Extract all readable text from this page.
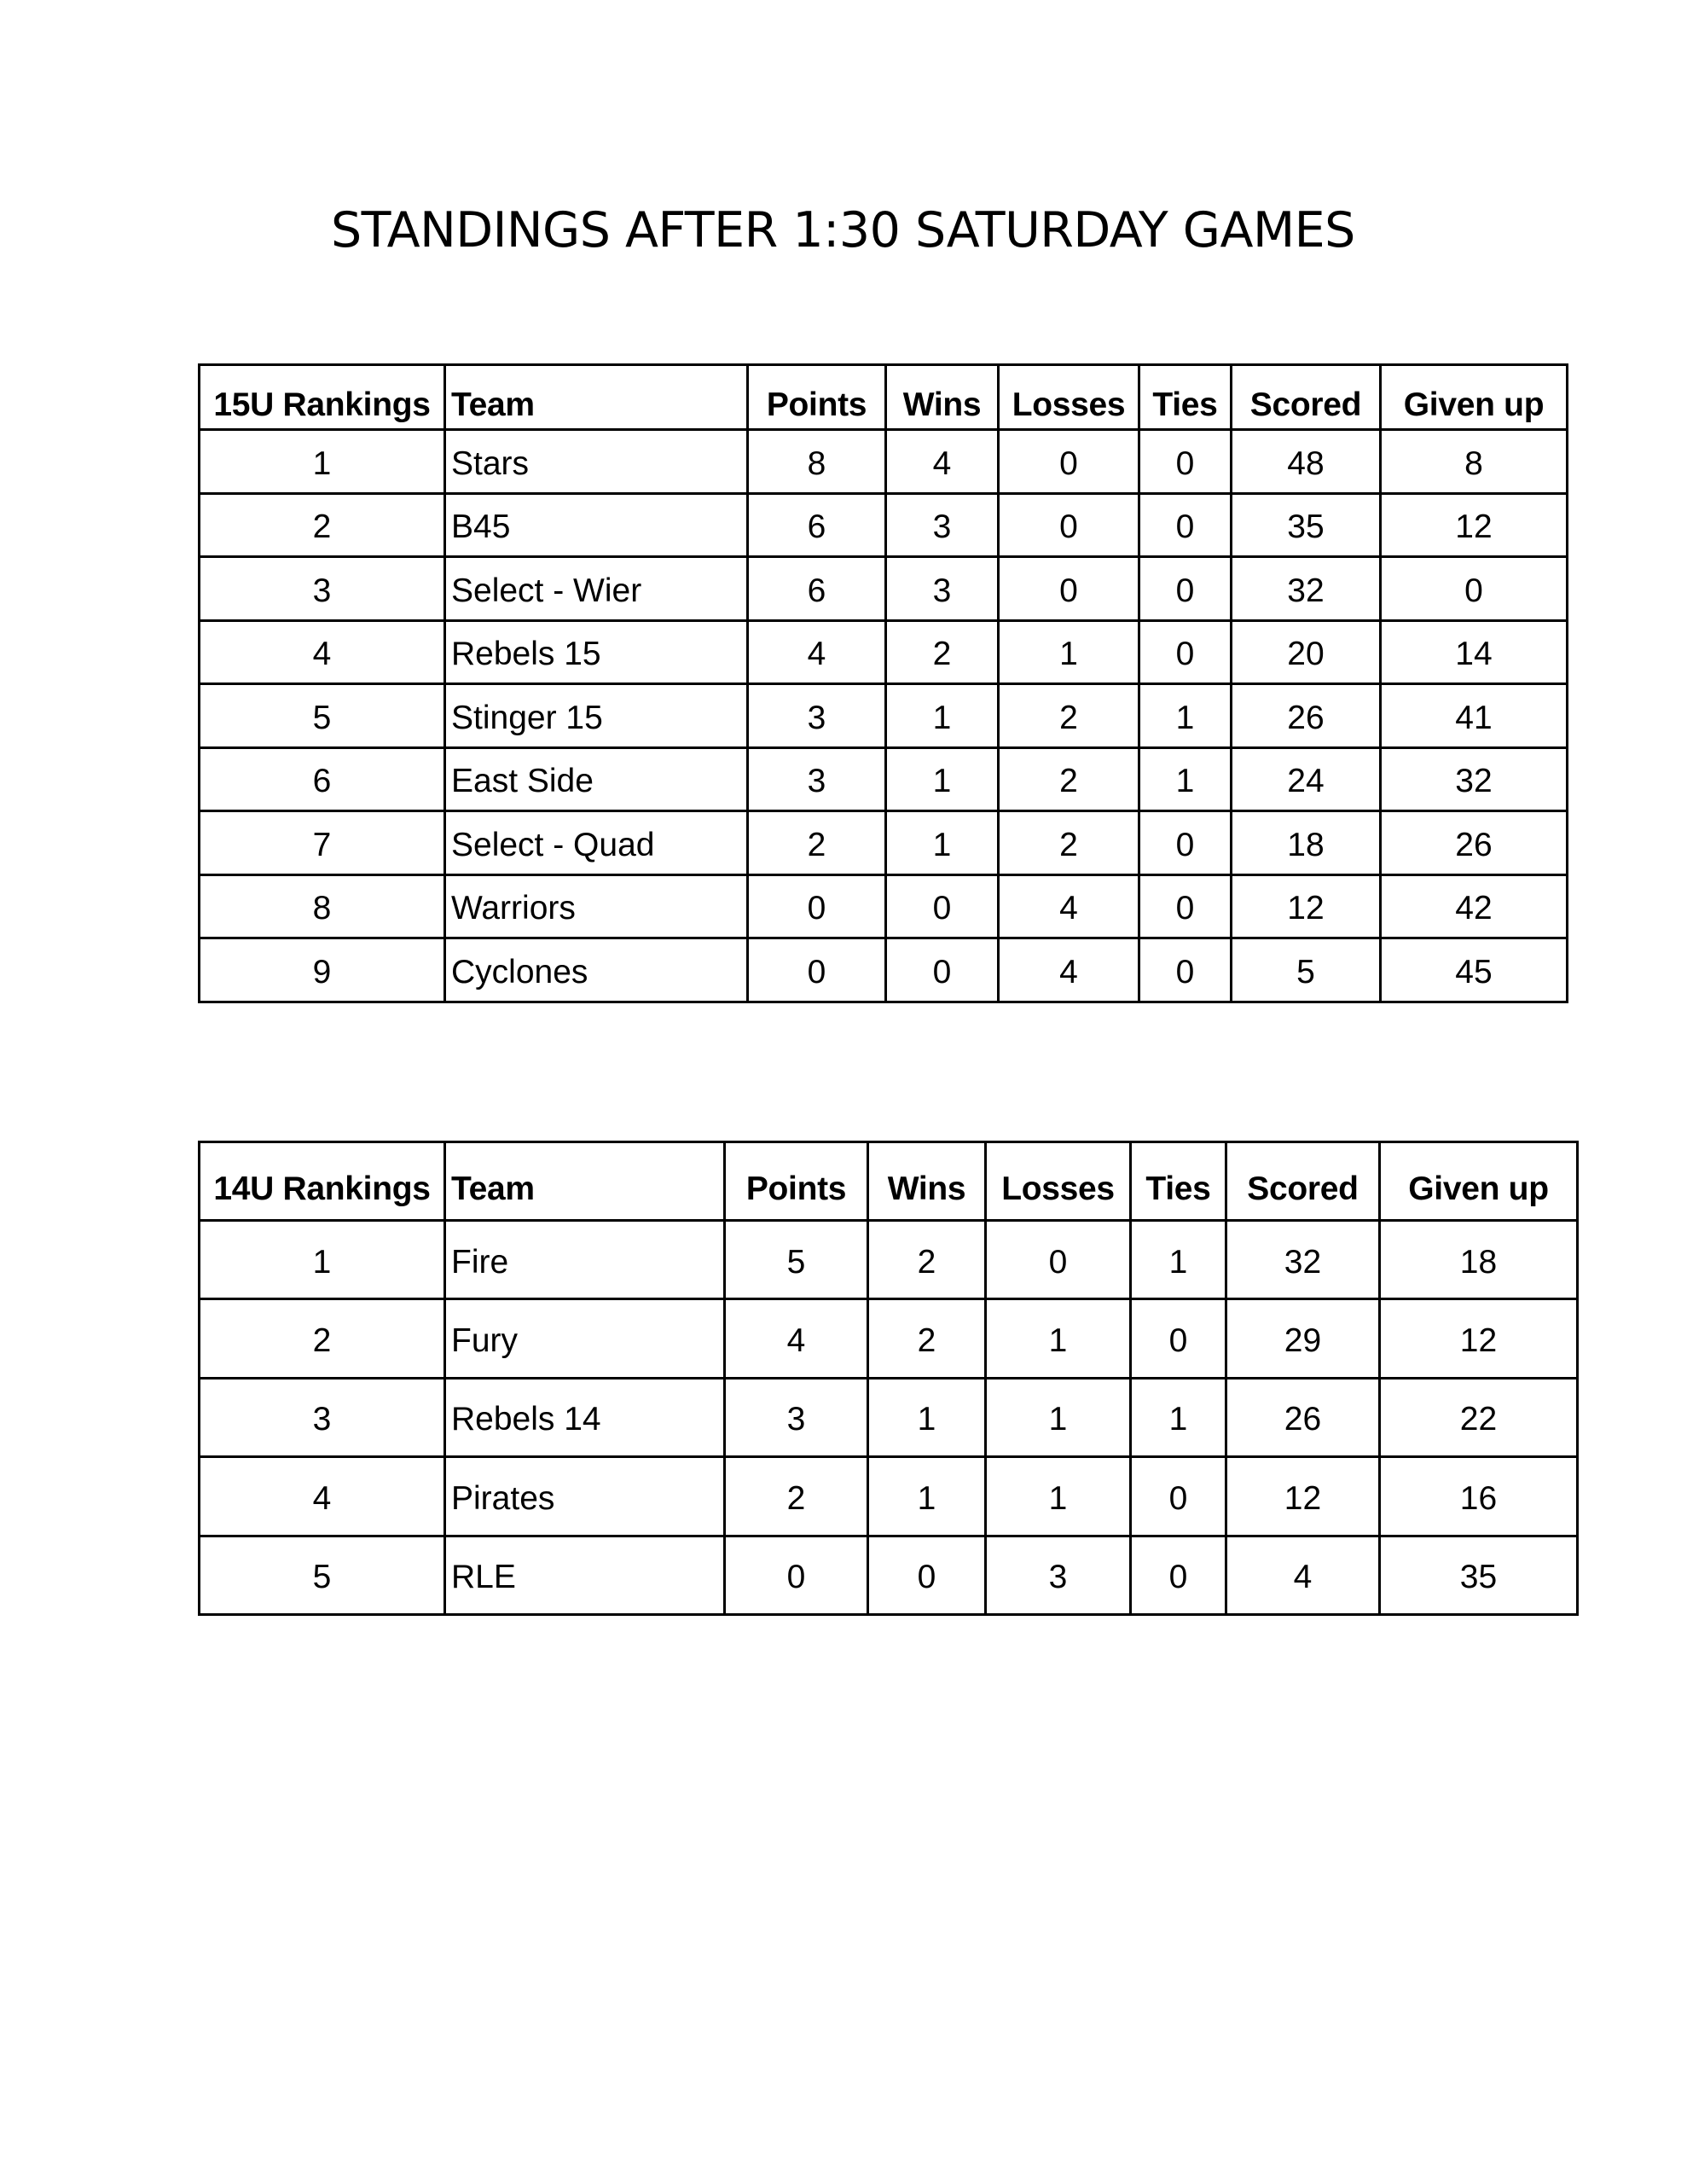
STANDINGS AFTER 1:30 SATURDAY GAMES
15U Rankings	Team	Points	Wins	Losses	Ties	Scored	Given up
1	Stars	8	4	0	0	48	8
2	B45	6	3	0	0	35	12
3	Select - Wier	6	3	0	0	32	0
4	Rebels 15	4	2	1	0	20	14
5	Stinger 15	3	1	2	1	26	41
6	East Side	3	1	2	1	24	32
7	Select - Quad	2	1	2	0	18	26
8	Warriors	0	0	4	0	12	42
9	Cyclones	0	0	4	0	5	45
14U Rankings	Team	Points	Wins	Losses	Ties	Scored	Given up
1	Fire	5	2	0	1	32	18
2	Fury	4	2	1	0	29	12
3	Rebels 14	3	1	1	1	26	22
4	Pirates	2	1	1	0	12	16
5	RLE	0	0	3	0	4	35
